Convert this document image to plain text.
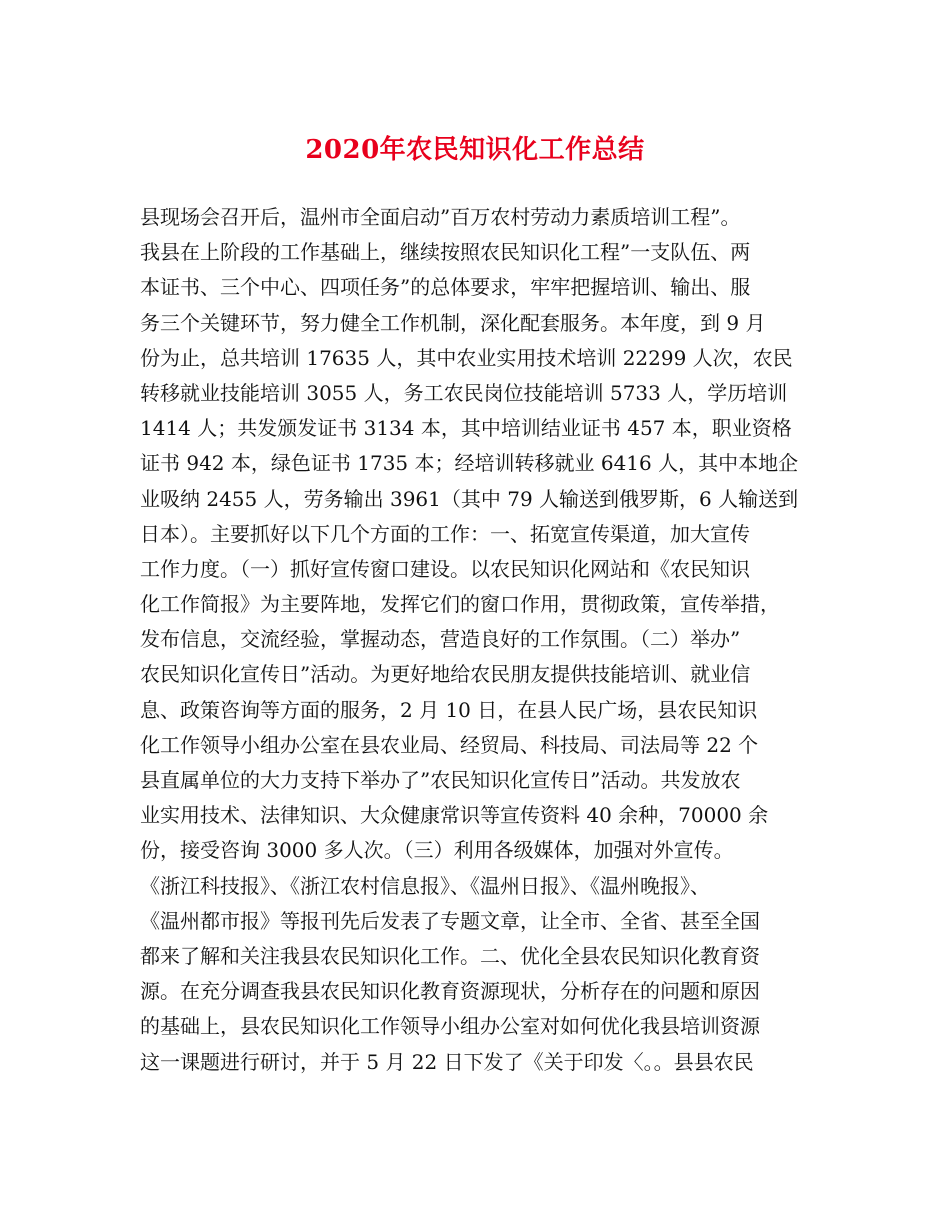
2020年农民知识化工作总结
县现场会召开后，温州市全面启动”百万农村劳动力素质培训工程”。
我县在上阶段的工作基础上，继续按照农民知识化工程”一支队伍、两
本证书、三个中心、四项任务”的总体要求，牢牢把握培训、输出、服
务三个关键环节，努力健全工作机制，深化配套服务。本年度，到 9 月
份为止，总共培训 17635 人，其中农业实用技术培训 22299 人次，农民
转移就业技能培训 3055 人，务工农民岗位技能培训 5733 人，学历培训
1414 人；共发颁发证书 3134 本，其中培训结业证书 457 本，职业资格
证书 942 本，绿色证书 1735 本；经培训转移就业 6416 人，其中本地企
业吸纳 2455 人，劳务输出 3961（其中 79 人输送到俄罗斯，6 人输送到
日本）。主要抓好以下几个方面的工作：一、拓宽宣传渠道，加大宣传
工作力度。（一）抓好宣传窗口建设。以农民知识化网站和《农民知识
化工作简报》为主要阵地，发挥它们的窗口作用，贯彻政策，宣传举措，
发布信息，交流经验，掌握动态，营造良好的工作氛围。（二）举办”
农民知识化宣传日”活动。为更好地给农民朋友提供技能培训、就业信
息、政策咨询等方面的服务，2 月 10 日，在县人民广场，县农民知识
化工作领导小组办公室在县农业局、经贸局、科技局、司法局等 22 个
县直属单位的大力支持下举办了”农民知识化宣传日”活动。共发放农
业实用技术、法律知识、大众健康常识等宣传资料 40 余种，70000 余
份，接受咨询 3000 多人次。（三）利用各级媒体，加强对外宣传。
《浙江科技报》、《浙江农村信息报》、《温州日报》、《温州晚报》、
《温州都市报》等报刊先后发表了专题文章，让全市、全省、甚至全国
都来了解和关注我县农民知识化工作。二、优化全县农民知识化教育资
源。在充分调查我县农民知识化教育资源现状，分析存在的问题和原因
的基础上，县农民知识化工作领导小组办公室对如何优化我县培训资源
这一课题进行研讨，并于 5 月 22 日下发了《关于印发〈。。县县农民
